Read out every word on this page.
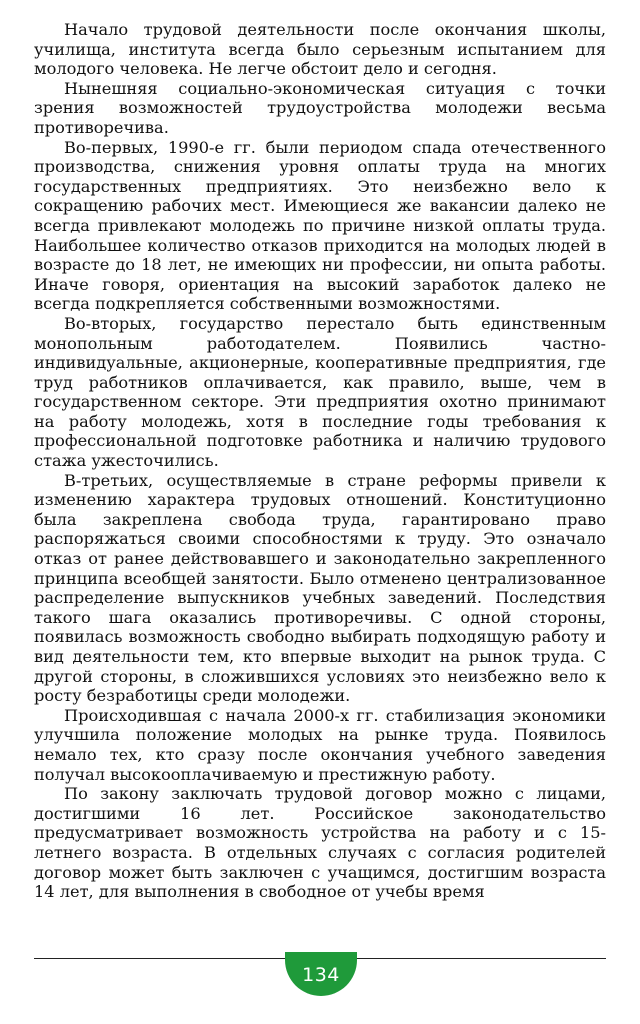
Начало трудовой деятельности после окончания школы, училища, института всегда было серьезным испытанием для молодого человека. Не легче обстоит дело и сегодня.

Нынешняя социально-экономическая ситуация с точки зрения возможностей трудоустройства молодежи весьма противоречива.

Во-первых, 1990-е гг. были периодом спада отечественного производства, снижения уровня оплаты труда на многих государственных предприятиях. Это неизбежно вело к сокращению рабочих мест. Имеющиеся же вакансии далеко не всегда привлекают молодежь по причине низкой оплаты труда. Наибольшее количество отказов приходится на молодых людей в возрасте до 18 лет, не имеющих ни профессии, ни опыта работы. Иначе говоря, ориентация на высокий заработок далеко не всегда подкрепляется собственными возможностями.

Во-вторых, государство перестало быть единственным монопольным работодателем. Появились частно-индивидуальные, акционерные, кооперативные предприятия, где труд работников оплачивается, как правило, выше, чем в государственном секторе. Эти предприятия охотно принимают на работу молодежь, хотя в последние годы требования к профессиональной подготовке работника и наличию трудового стажа ужесточились.

В-третьих, осуществляемые в стране реформы привели к изменению характера трудовых отношений. Конституционно была закреплена свобода труда, гарантировано право распоряжаться своими способностями к труду. Это означало отказ от ранее действовавшего и законодательно закрепленного принципа всеобщей занятости. Было отменено централизованное распределение выпускников учебных заведений. Последствия такого шага оказались противоречивы. С одной стороны, появилась возможность свободно выбирать подходящую работу и вид деятельности тем, кто впервые выходит на рынок труда. С другой стороны, в сложившихся условиях это неизбежно вело к росту безработицы среди молодежи.

Происходившая с начала 2000-х гг. стабилизация экономики улучшила положение молодых на рынке труда. Появилось немало тех, кто сразу после окончания учебного заведения получал высокооплачиваемую и престижную работу.

По закону заключать трудовой договор можно с лицами, достигшими 16 лет. Российское законодательство предусматривает возможность устройства на работу и с 15-летнего возраста. В отдельных случаях с согласия родителей договор может быть заключен с учащимся, достигшим возраста 14 лет, для выполнения в свободное от учебы время

134
